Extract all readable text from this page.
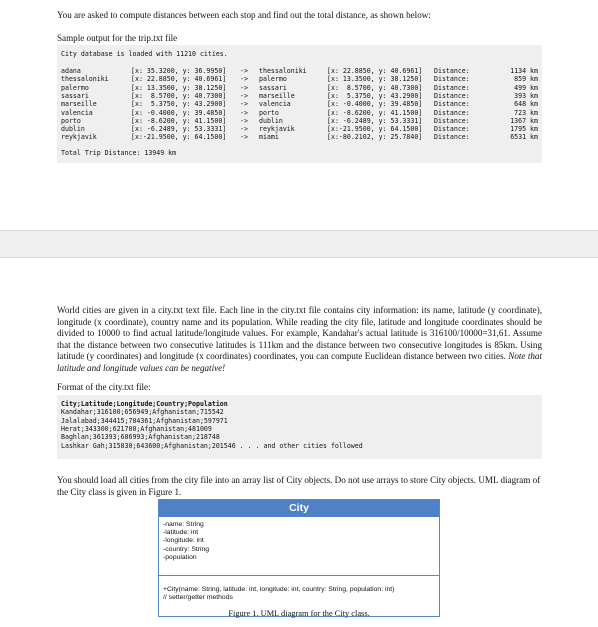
You are asked to compute distances between each stop and find out the total distance, as shown below:
Sample output for the trip.txt file
City database is loaded with 11210 cities.
adana	[x: 35.3200, y: 36.9950] -> thessaloniki	[x: 22.8850, y: 40.6961] Distance:	1134 km
thessaloniki	[x: 22.8850, y: 40.6961] -> palermo	[x: 13.3500, y: 38.1250] Distance:	859 km
palermo	[x: 13.3500, y: 38.1250] -> sassari	[x:  8.5700, y: 40.7300] Distance:	499 km
sassari	[x:  8.5700, y: 40.7300] -> marseille	[x:  5.3750, y: 43.2900] Distance:	393 km
marseille	[x:  5.3750, y: 43.2900] -> valencia	[x: -0.4000, y: 39.4850] Distance:	648 km
valencia	[x: -0.4000, y: 39.4850] -> porto	[x: -8.6200, y: 41.1500] Distance:	723 km
porto	[x: -8.6200, y: 41.1500] -> dublin	[x: -6.2489, y: 53.3331] Distance:	1367 km
dublin	[x: -6.2489, y: 53.3331] -> reykjavik	[x:-21.9500, y: 64.1500] Distance:	1795 km
reykjavik	[x:-21.9500, y: 64.1500] -> miami	[x:-80.2102, y: 25.7840] Distance:	6531 km
Total Trip Distance: 13949 km
World cities are given in a city.txt text file. Each line in the city.txt file contains city information: its name, latitude (y coordinate), longitude (x coordinate), country name and its population. While reading the city file, latitude and longitude coordinates should be divided to 10000 to find actual latitude/longitude values. For example, Kandahar's actual latitude is 316100/10000=31,61. Assume that the distance between two consecutive latitudes is 111km and the distance between two consecutive longitudes is 85km. Using latitude (y coordinates) and longitude (x coordinates) coordinates, you can compute Euclidean distance between two cities. Note that latitude and longitude values can be negative!
Format of the city.txt file:
City;Latitude;Longitude;Country;Population
Kandahar;316100;656949;Afghanistan;715542
Jalalabad;344415;704361;Afghanistan;597971
Herat;343300;621700;Afghanistan;481009
Baghlan;361393;686993;Afghanistan;218748
Lashkar Gah;315830;643600;Afghanistan;201546 . . . and other cities followed
You should load all cities from the city file into an array list of City objects. Do not use arrays to store City objects. UML diagram of the City class is given in Figure 1.
City
-name: String
-latitude: int
-longitude: int
-country: String
-population
+City(name: String, latitude: int, longitude: int, country: String, population: int)
// setter/getter methods
Figure 1. UML diagram for the City class.
